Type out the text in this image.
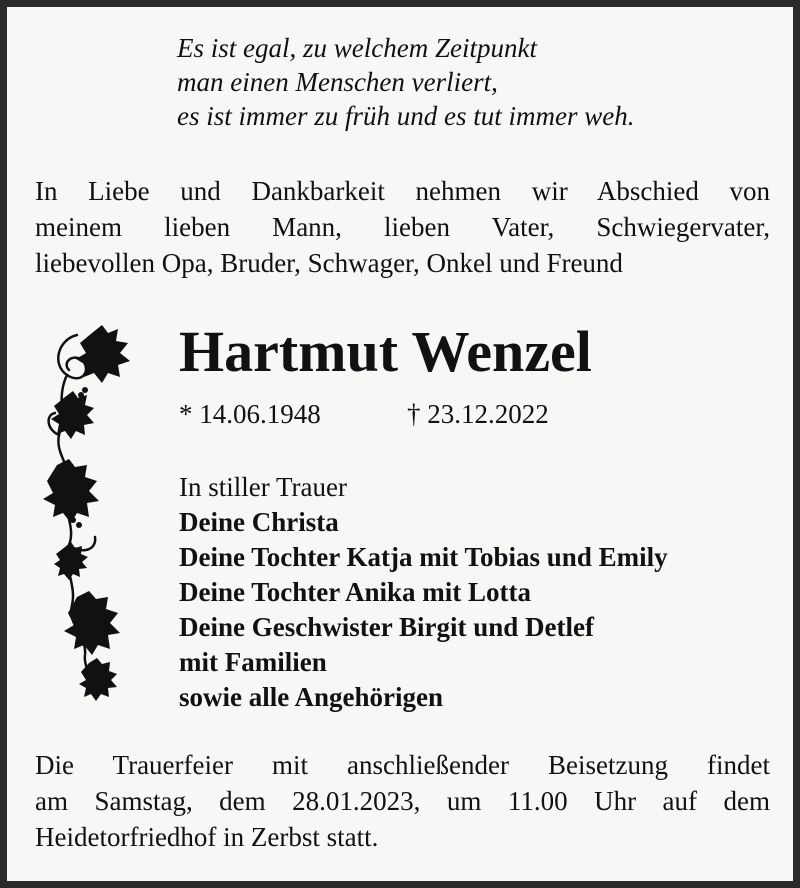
Es ist egal, zu welchem Zeitpunkt
man einen Menschen verliert,
es ist immer zu früh und es tut immer weh.
In Liebe und Dankbarkeit nehmen wir Abschied von
meinem lieben Mann, lieben Vater, Schwiegervater,
liebevollen Opa, Bruder, Schwager, Onkel und Freund
Hartmut Wenzel
* 14.06.1948	† 23.12.2022
In stiller Trauer
Deine Christa
Deine Tochter Katja mit Tobias und Emily
Deine Tochter Anika mit Lotta
Deine Geschwister Birgit und Detlef
mit Familien
sowie alle Angehörigen
Die Trauerfeier mit anschließender Beisetzung findet
am Samstag, dem 28.01.2023, um 11.00 Uhr auf dem
Heidetorfriedhof in Zerbst statt.
